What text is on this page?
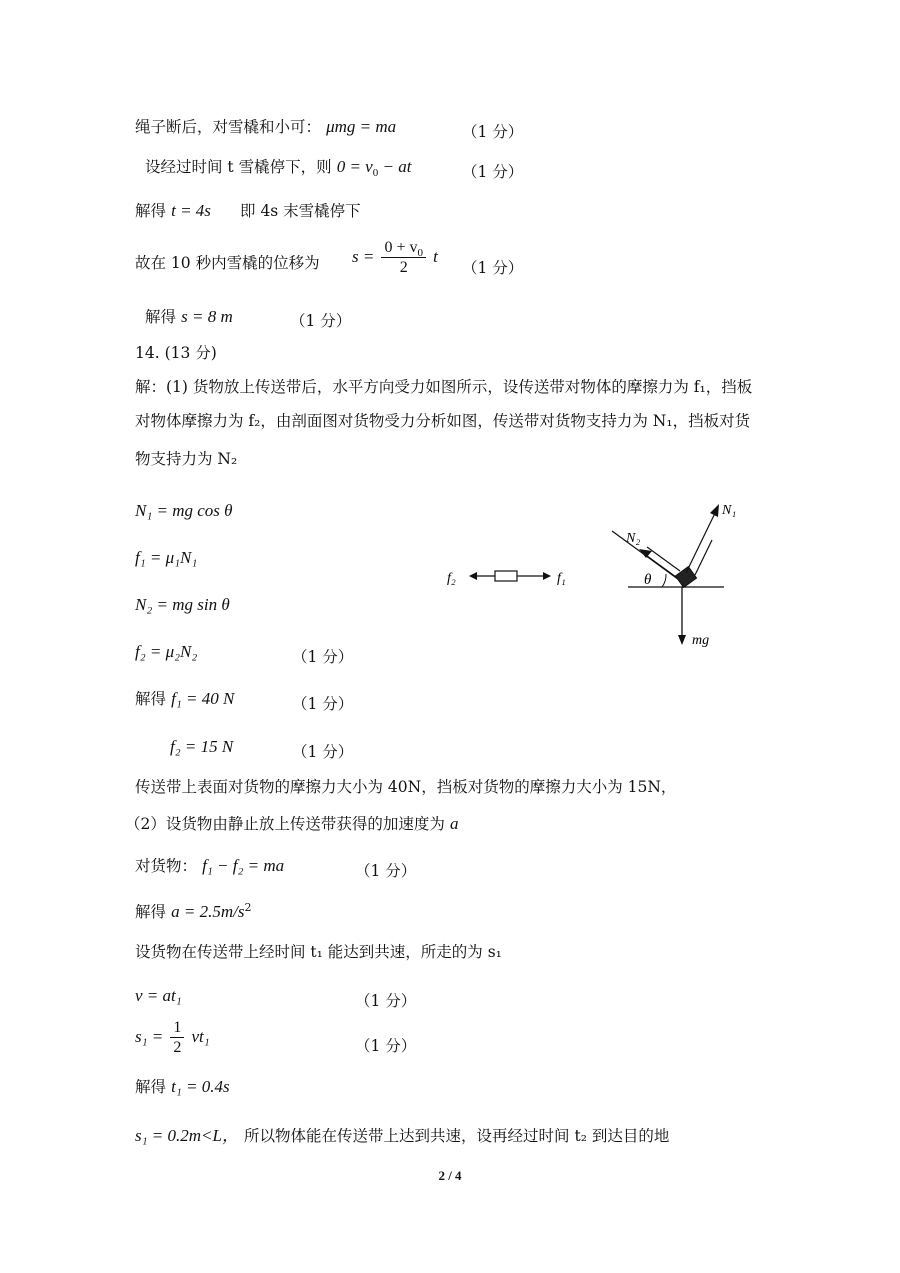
绳子断后，对雪橇和小可： μmg = ma	（1 分）
设经过时间 t 雪橇停下，则 $0 = v_0$ − at	（1 分）
解得 t = 4s 即 4s 末雪橇停下
故在 10 秒内雪橇的位移为 $s = \frac{0 + v_0}{2}$ t
（1 分）
解得 s = 8 m	（1 分）
14. (13 分)
解：(1) 货物放上传送带后，水平方向受力如图所示，设传送带对物体的摩擦力为 f₁，挡板
对物体摩擦力为 f₂，由剖面图对货物受力分析如图，传送带对货物支持力为 N₁，挡板对货
物支持力为 N₂
N₁ = mg cos θ
f₁ = μ₁N₁
N₂ = mg sin θ
f₂ = μ₂N₂	（1 分）
解得 f₁ = 40 N	（1 分）
f₂ = 15 N	（1 分）
f₂	f₁
N₁
N₂
θ
mg
传送带上表面对货物的摩擦力大小为 40N，挡板对货物的摩擦力大小为 15N，
（2）设货物由静止放上传送带获得的加速度为 a
对货物： f₁ − f₂ = ma	（1 分）
解得 $a = 2.5m/s^2$
设货物在传送带上经时间 t₁ 能达到共速，所走的为 s₁
v = at₁	（1 分）
$s_1 = \frac{1}{2} vt_1$	（1 分）
解得 t₁ = 0.4s
s₁ = 0.2m<L， 所以物体能在传送带上达到共速，设再经过时间 t₂ 到达目的地
2 / 4
